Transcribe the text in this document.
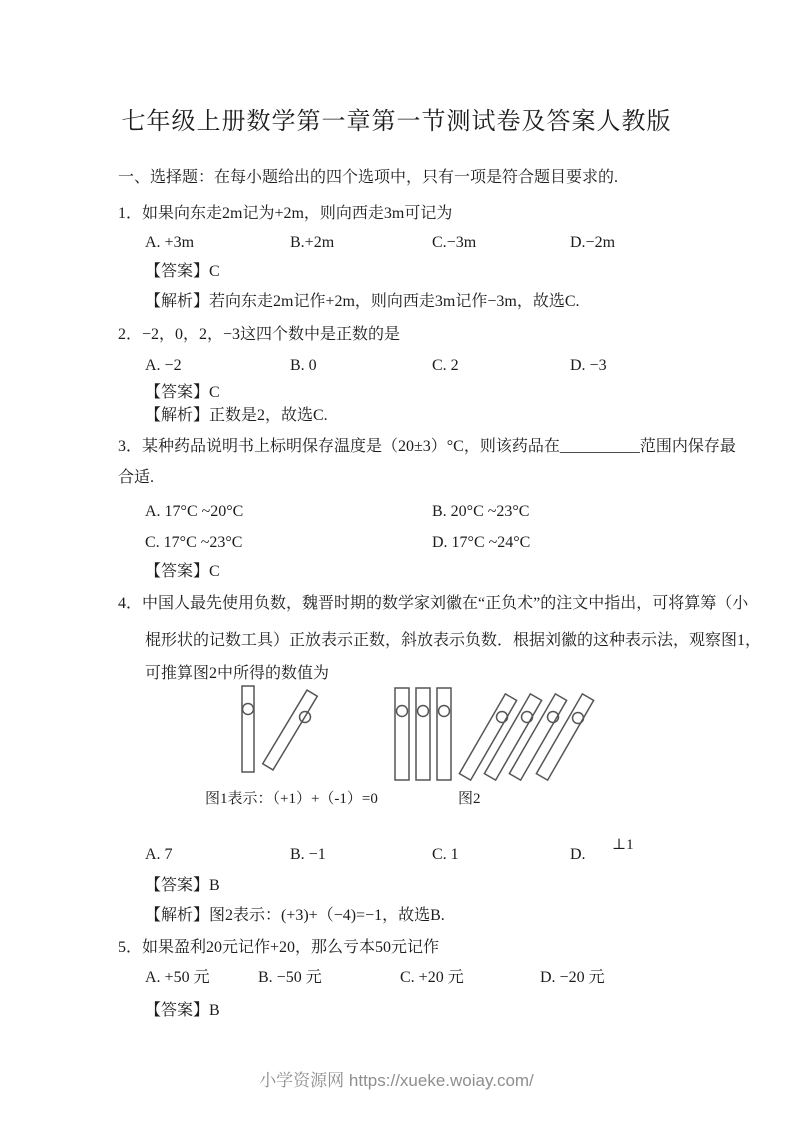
七年级上册数学第一章第一节测试卷及答案人教版
一、选择题：在每小题给出的四个选项中，只有一项是符合题目要求的.
1．如果向东走2m记为+2m，则向西走3m可记为
A. +3m	B.+2m	C.−3m	D.−2m
【答案】C
【解析】若向东走2m记作+2m，则向西走3m记作−3m，故选C.
2．−2，0，2，−3这四个数中是正数的是
A. −2	B. 0	C. 2	D. −3
【答案】C
【解析】正数是2，故选C.
3．某种药品说明书上标明保存温度是（20±3）°C，则该药品在__________范围内保存最
合适.
A. 17°C ~20°C	B. 20°C ~23°C
C. 17°C ~23°C	D. 17°C ~24°C
【答案】C
4．中国人最先使用负数，魏晋时期的数学家刘徽在“正负术”的注文中指出，可将算筹（小
棍形状的记数工具）正放表示正数，斜放表示负数．根据刘徽的这种表示法，观察图1，
可推算图2中所得的数值为
图1表示：（+1）+（-1）=0	图2
A. 7	B. −1	C. 1	D.
⊥1
【答案】B
【解析】图2表示：(+3)+（−4)=−1，故选B.
5．如果盈利20元记作+20，那么亏本50元记作
A. +50 元	B. −50 元	C. +20 元	D. −20 元
【答案】B
小学资源网 https://xueke.woiay.com/
